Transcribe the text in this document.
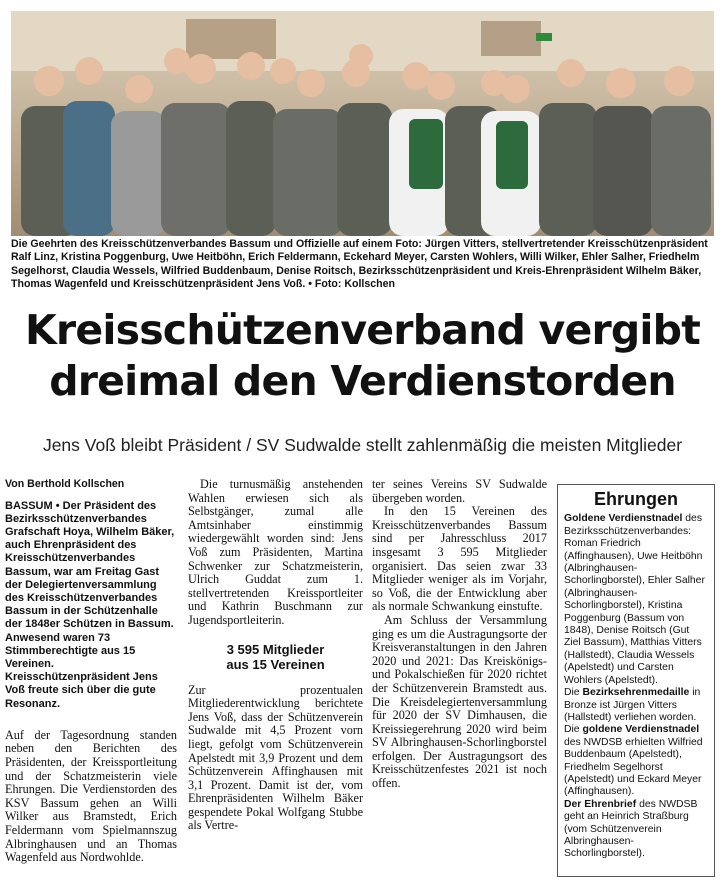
Die Geehrten des Kreisschützenverbandes Bassum und Offizielle auf einem Foto: Jürgen Vitters, stellvertretender Kreisschützenpräsident Ralf Linz, Kristina Poggenburg, Uwe Heitböhn, Erich Feldermann, Eckehard Meyer, Carsten Wohlers, Willi Wilker, Ehler Salher, Friedhelm Segelhorst, Claudia Wessels, Wilfried Buddenbaum, Denise Roitsch, Bezirksschützenpräsident und Kreis-Ehrenpräsident Wilhelm Bäker, Thomas Wagenfeld und Kreisschützenpräsident Jens Voß. • Foto: Kollschen

Kreisschützenverband vergibt
dreimal den Verdienstorden

Jens Voß bleibt Präsident / SV Sudwalde stellt zahlenmäßig die meisten Mitglieder

Von Berthold Kollschen

BASSUM • Der Präsident des Bezirksschützenverbandes Grafschaft Hoya, Wilhelm Bäker, auch Ehrenpräsident des Kreisschützenverbandes Bassum, war am Freitag Gast der Delegiertenversammlung des Kreisschützenverbandes Bassum in der Schützenhalle der 1848er Schützen in Bassum. Anwesend waren 73 Stimmberechtigte aus 15 Vereinen. Kreisschützenpräsident Jens Voß freute sich über die gute Resonanz.

Auf der Tagesordnung standen neben den Berichten des Präsidenten, der Kreissportleitung und der Schatzmeisterin viele Ehrungen. Die Verdienstorden des KSV Bassum gehen an Willi Wilker aus Bramstedt, Erich Feldermann vom Spielmannszug Albringhausen und an Thomas Wagenfeld aus Nordwohlde.

Die turnusmäßig anstehenden Wahlen erwiesen sich als Selbstgänger, zumal alle Amtsinhaber einstimmig wiedergewählt worden sind: Jens Voß zum Präsidenten, Martina Schwenker zur Schatzmeisterin, Ulrich Guddat zum 1. stellvertretenden Kreissportleiter und Kathrin Buschmann zur Jugendsportleiterin.

3 595 Mitglieder
aus 15 Vereinen

Zur prozentualen Mitgliederentwicklung berichtete Jens Voß, dass der Schützenverein Sudwalde mit 4,5 Prozent vorn liegt, gefolgt vom Schützenverein Apelstedt mit 3,9 Prozent und dem Schützenverein Affinghausen mit 3,1 Prozent. Damit ist der, vom Ehrenpräsidenten Wilhelm Bäker gespendete Pokal Wolfgang Stubbe als Vertre-

ter seines Vereins SV Sudwalde übergeben worden.

In den 15 Vereinen des Kreisschützenverbandes Bassum sind per Jahresschluss 2017 insgesamt 3 595 Mitglieder organisiert. Das seien zwar 33 Mitglieder weniger als im Vorjahr, so Voß, die der Entwicklung aber als normale Schwankung einstufte.

Am Schluss der Versammlung ging es um die Austragungsorte der Kreisveranstaltungen in den Jahren 2020 und 2021: Das Kreiskönigs- und Pokalschießen für 2020 richtet der Schützenverein Bramstedt aus. Die Kreisdelegiertenversammlung für 2020 der SV Dimhausen, die Kreissiegerehrung 2020 wird beim SV Albringhausen-Schorlingborstel erfolgen. Der Austragungsort des Kreisschützenfestes 2021 ist noch offen.

Ehrungen

Goldene Verdienstnadel des Bezirksschützenverbandes: Roman Friedrich (Affinghausen), Uwe Heitböhn (Albringhausen-Schorlingborstel), Ehler Salher (Albringhausen-Schorlingborstel), Kristina Poggenburg (Bassum von 1848), Denise Roitsch (Gut Ziel Bassum), Matthias Vitters (Hallstedt), Claudia Wessels (Apelstedt) und Carsten Wohlers (Apelstedt).

Die Bezirksehrenmedaille in Bronze ist Jürgen Vitters (Hallstedt) verliehen worden.

Die goldene Verdienstnadel des NWDSB erhielten Wilfried Buddenbaum (Apelstedt), Friedhelm Segelhorst (Apelstedt) und Eckard Meyer (Affinghausen).

Der Ehrenbrief des NWDSB geht an Heinrich Straßburg (vom Schützenverein Albringhausen-Schorlingborstel).
